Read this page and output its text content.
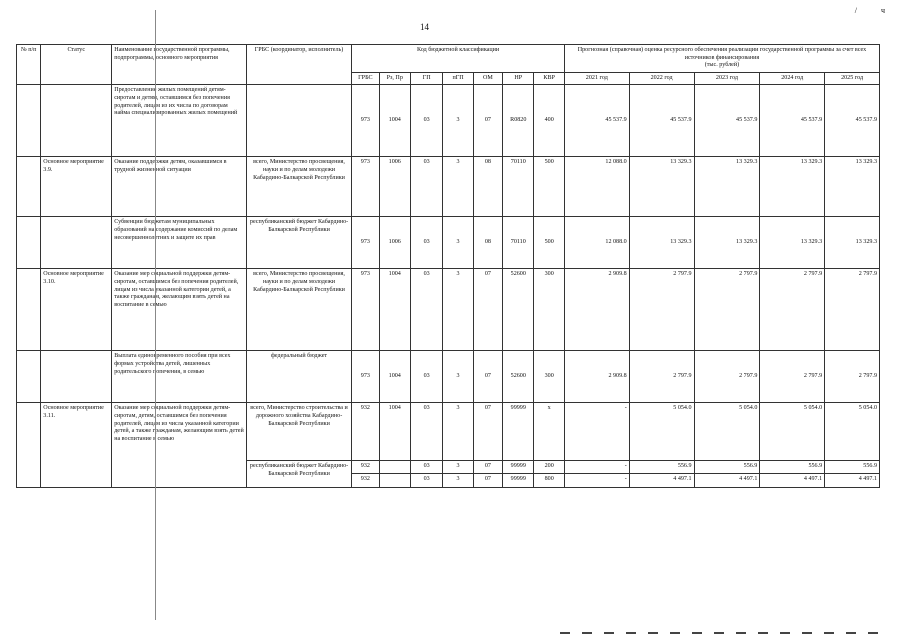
14
/	ч
№ п/п	Статус	Наименование государственной программы, подпрограммы, основного мероприятия	ГРБС (координатор, исполнитель)	Код бюджетной классификации							Прогнозная (справочная) оценка ресурсного обеспечения реализации государственной программы за счет всех источников финансирования
(тыс. рублей)				

				ГРБС	Рз, Пр	ГП	пГП	ОМ	НР	КВР	2021 год	2022 год	2023 год	2024 год	2025 год
		Предоставление жилых помещений детям-сиротам и детям, оставшимся без попечения родителей, лицам из их числа по договорам найма специализированных жилых помещений		973	1004	03	3	07	R0820	400	45 537.9	45 537.9	45 537.9	45 537.9	45 537.9
	Основное мероприятие 3.9.	Оказание поддержки детям, оказавшимся в трудной жизненной ситуации	всего, Министерство просвещения, науки и по делам молодежи Кабардино-Балкарской Республики	973	1006	03	3	08	70110	500	12 088.0	13 329.3	13 329.3	13 329.3	13 329.3
		Субвенции бюджетам муниципальных образований на содержание комиссий по делам несовершеннолетних и защите их прав	республиканский бюджет Кабардино-Балкарской Республики	973	1006	03	3	08	70110	500	12 088.0	13 329.3	13 329.3	13 329.3	13 329.3
	Основное мероприятие 3.10.	Оказание мер социальной поддержки детям-сиротам, оставшимся без попечения родителей, лицам из числа указанной категории детей, а также гражданам, желающим взять детей на воспитание в семью	всего, Министерство просвещения, науки и по делам молодежи Кабардино-Балкарской Республики	973	1004	03	3	07	52600	300	2 909.8	2 797.9	2 797.9	2 797.9	2 797.9
		Выплата единовременного пособия при всех формах устройства детей, лишенных родительского попечения, в семью	федеральный бюджет	973	1004	03	3	07	52600	300	2 909.8	2 797.9	2 797.9	2 797.9	2 797.9
	Основное мероприятие 3.11.	Оказание мер социальной поддержки детям-сиротам, детям, оставшимся без попечения родителей, лицам из числа указанной категории детей, а также гражданам, желающим взять детей на воспитание в семью	всего, Министерство строительства и дорожного хозяйства Кабардино-Балкарской Республики	932	1004	03	3	07	99999	x	-	5 054.0	5 054.0	5 054.0	5 054.0
			республиканский бюджет Кабардино-Балкарской Республики	932		03	3	07	99999	200	-	556.9	556.9	556.9	556.9
				932		03	3	07	99999	800	-	4 497.1	4 497.1	4 497.1	4 497.1
